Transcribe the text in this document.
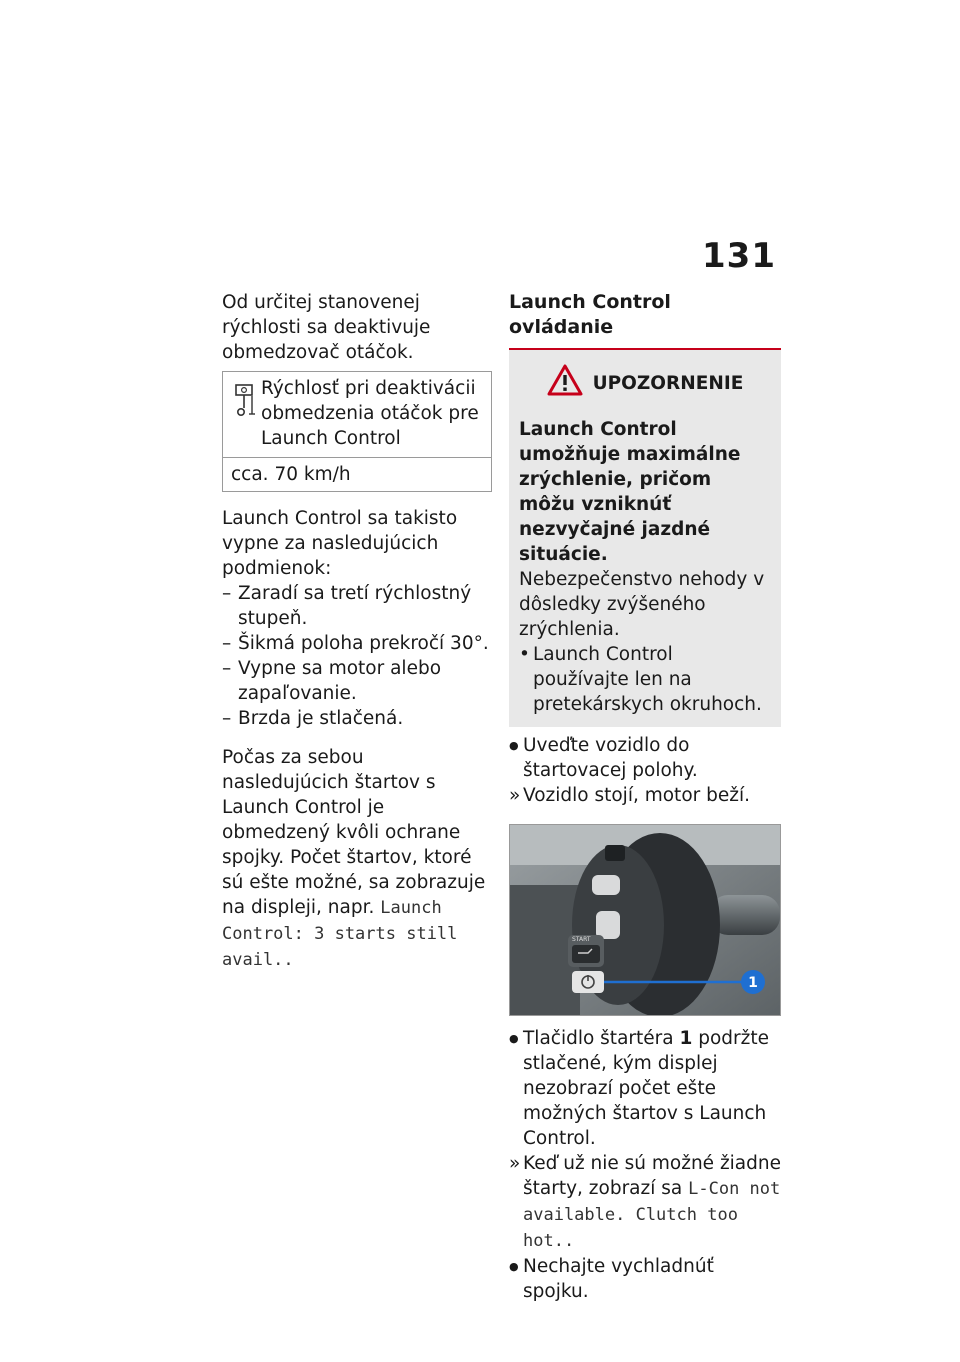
131

Od určitej stanovenej rýchlosti sa deaktivuje obmedzovač otáčok.

Rýchlosť pri deaktivácii obmedzenia otáčok pre Launch Control
cca. 70 km/h

Launch Control sa takisto vypne za nasledujúcich podmienok:

– Zaradí sa tretí rýchlostný stupeň.
– Šikmá poloha prekročí 30°.
– Vypne sa motor alebo zapaľovanie.
– Brzda je stlačená.

Počas za sebou nasledujúcich štartov s Launch Control je obmedzený kvôli ochrane spojky. Počet štartov, ktoré sú ešte možné, sa zobrazuje na displeji, napr. Launch Control: 3 starts still avail..

Launch Control ovládanie
UPOZORNENIE

Launch Control umožňuje maximálne zrýchlenie, pričom môžu vzniknúť nezvyčajné jazdné situácie.

Nebezpečenstvo nehody v dôsledky zvýšeného zrýchlenia.

• Launch Control používajte len na pretekárskych okruhoch.
● Uveďte vozidlo do štartovacej polohy.
» Vozidlo stojí, motor beží.
START
1
● Tlačidlo štartéra 1 podržte stlačené, kým displej nezobrazí počet ešte možných štartov s Launch Control.
» Keď už nie sú možné žiadne štarty, zobrazí sa L-Con not available. Clutch too hot..
● Nechajte vychladnúť spojku.
